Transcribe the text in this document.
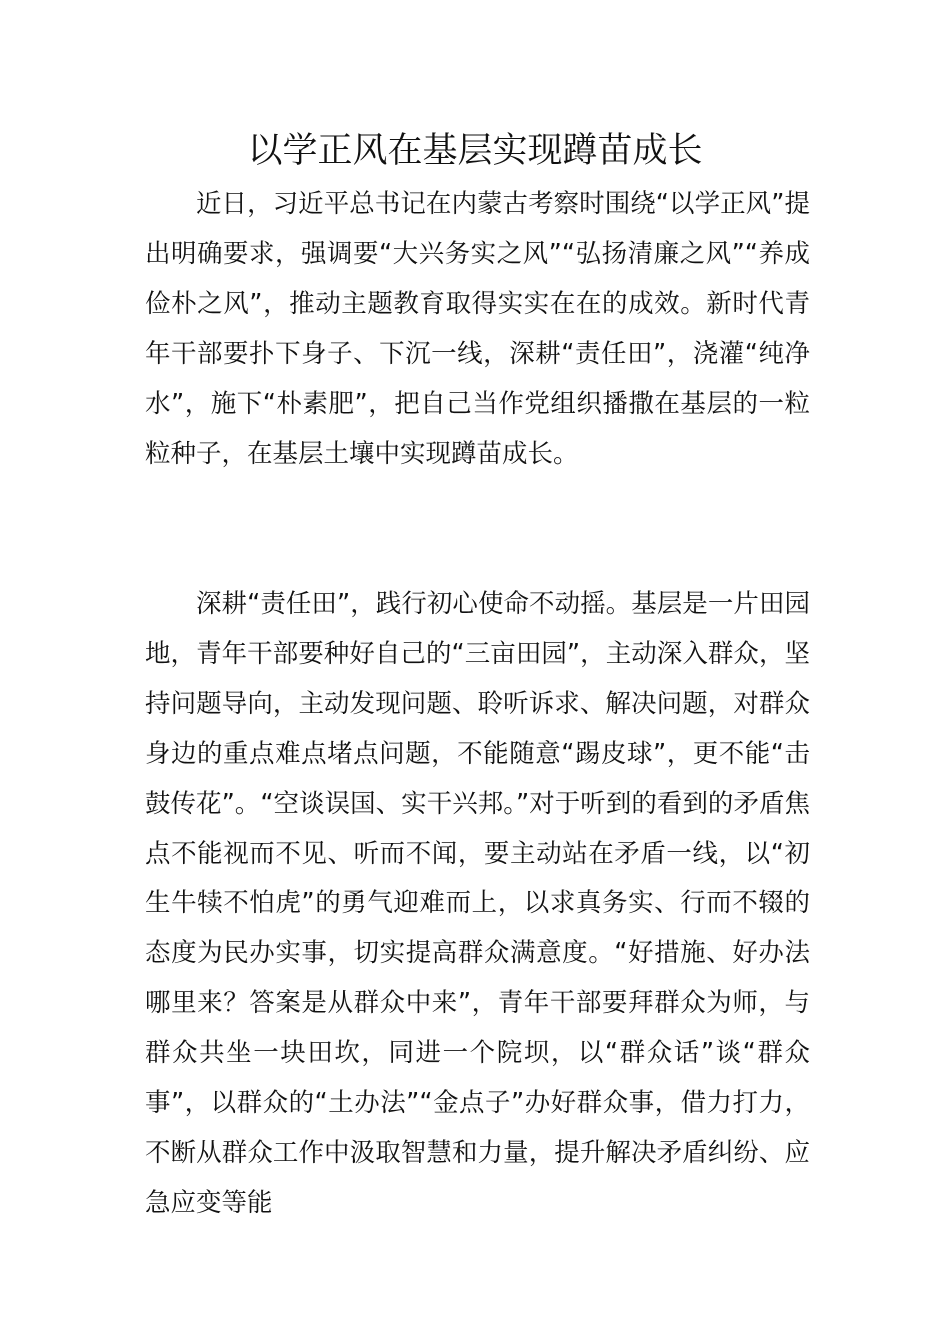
以学正风在基层实现蹲苗成长

近日，习近平总书记在内蒙古考察时围绕“以学正风”提出明确要求，强调要“大兴务实之风”“弘扬清廉之风”“养成俭朴之风”，推动主题教育取得实实在在的成效。新时代青年干部要扑下身子、下沉一线，深耕“责任田”，浇灌“纯净水”，施下“朴素肥”，把自己当作党组织播撒在基层的一粒粒种子，在基层土壤中实现蹲苗成长。

深耕“责任田”，践行初心使命不动摇。基层是一片田园地，青年干部要种好自己的“三亩田园”，主动深入群众，坚持问题导向，主动发现问题、聆听诉求、解决问题，对群众身边的重点难点堵点问题，不能随意“踢皮球”，更不能“击鼓传花”。“空谈误国、实干兴邦。”对于听到的看到的矛盾焦点不能视而不见、听而不闻，要主动站在矛盾一线，以“初生牛犊不怕虎”的勇气迎难而上，以求真务实、行而不辍的态度为民办实事，切实提高群众满意度。“好措施、好办法哪里来？答案是从群众中来”，青年干部要拜群众为师，与群众共坐一块田坎，同进一个院坝，以“群众话”谈“群众事”，以群众的“土办法”“金点子”办好群众事，借力打力，不断从群众工作中汲取智慧和力量，提升解决矛盾纠纷、应急应变等能
